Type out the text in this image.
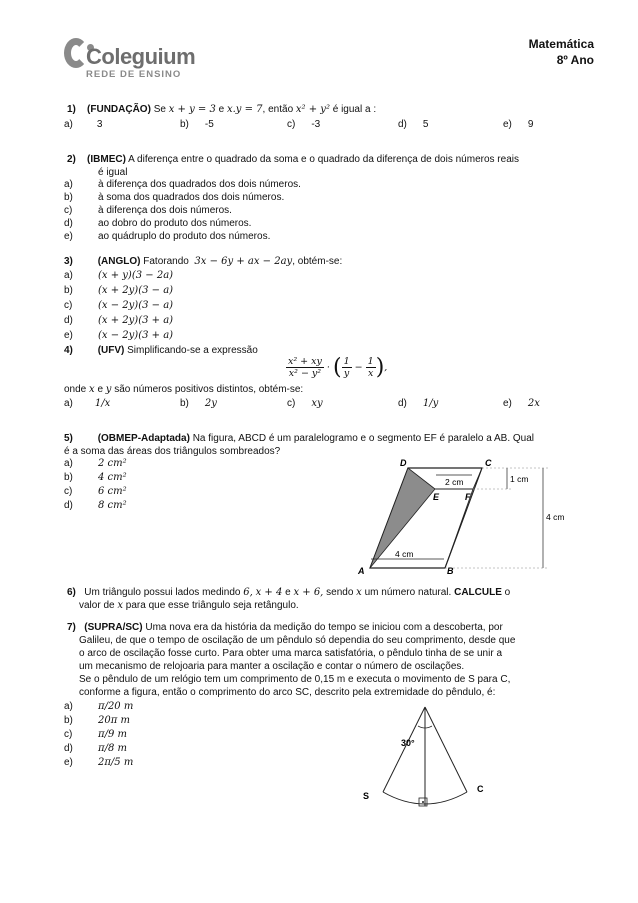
Coleguium
REDE DE ENSINO
Matemática
8º Ano
1) (FUNDAÇÃO) Se x + y = 3 e x.y = 7, então x² + y² é igual a :
a) 3	b) -5	c) -3	d) 5	e) 9
2) (IBMEC) A diferença entre o quadrado da soma e o quadrado da diferença de dois números reais
é igual
a)	à diferença dos quadrados dos dois números.
b)	à soma dos quadrados dos dois números.
c)	à diferença dos dois números.
d)	ao dobro do produto dos números.
e)	ao quádruplo do produto dos números.
3) (ANGLO) Fatorando 3x − 6y + ax − 2ay, obtém-se:
a)	(x + y)(3 − 2a)
b)	(x + 2y)(3 − a)
c)	(x − 2y)(3 − a)
d)	(x + 2y)(3 + a)
e)	(x − 2y)(3 + a)
4) (UFV) Simplificando-se a expressão
$\frac{\text{x² + xy}}{\text{x² − y²}}$ · ( $\frac{1}{y} - \frac{1}{x}$ ),
onde x e y são números positivos distintos, obtém-se:
a) 1/x	b) 2y	c) xy	d) 1/y	e) 2x
5) (OBMEP-Adaptada) Na figura, ABCD é um paralelogramo e o segmento EF é paralelo a AB. Qual
é a soma das áreas dos triângulos sombreados?
a)	2 cm²
b)	4 cm²
c)	6 cm²
d)	8 cm²
D	C
E	F
A	B
2 cm	1 cm
4 cm
4 cm
6) Um triângulo possui lados medindo 6, x + 4 e x + 6, sendo x um número natural. CALCULE o
valor de x para que esse triângulo seja retângulo.
7) (SUPRA/SC) Uma nova era da história da medição do tempo se iniciou com a descoberta, por
Galileu, de que o tempo de oscilação de um pêndulo só dependia do seu comprimento, desde que
o arco de oscilação fosse curto. Para obter uma marca satisfatória, o pêndulo tinha de se unir a
um mecanismo de relojoaria para manter a oscilação e contar o número de oscilações.
Se o pêndulo de um relógio tem um comprimento de 0,15 m e executa o movimento de S para C,
conforme a figura, então o comprimento do arco SC, descrito pela extremidade do pêndulo, é:
a)	π/20 m
b)	20π m
c)	π/9 m
d)	π/8 m
e)	2π/5 m
30°
S
C
